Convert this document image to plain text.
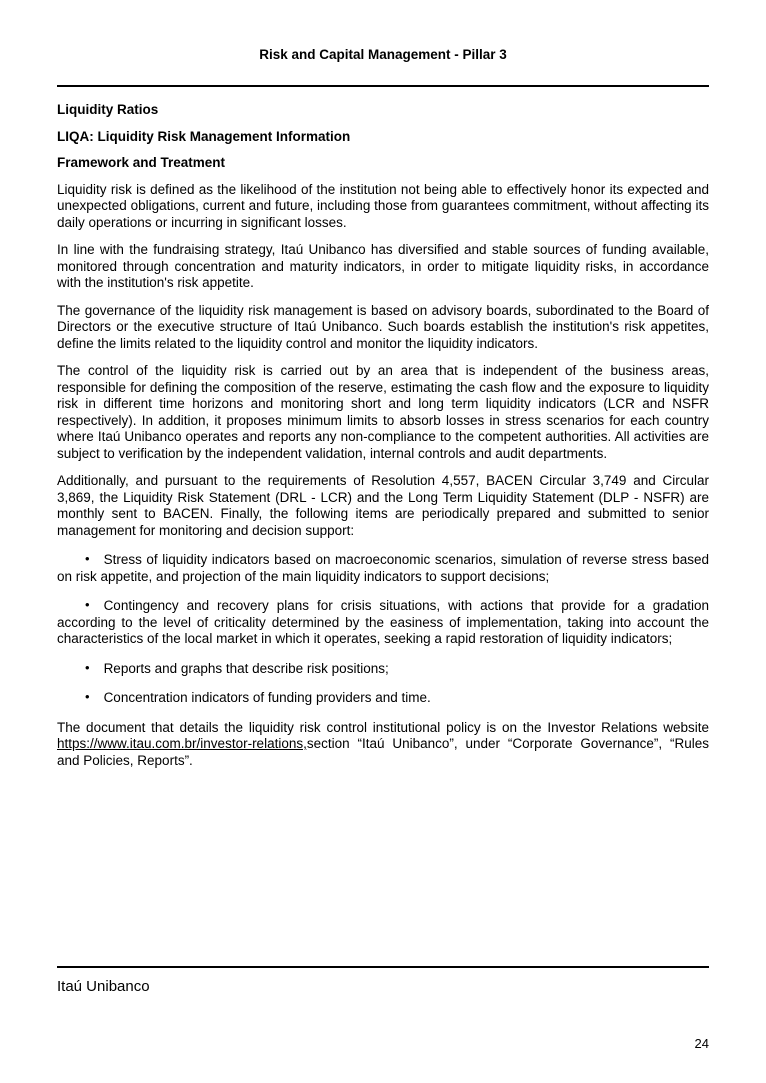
Risk and Capital Management - Pillar 3
Liquidity Ratios
LIQA: Liquidity Risk Management Information
Framework and Treatment

Liquidity risk is defined as the likelihood of the institution not being able to effectively honor its expected and unexpected obligations, current and future, including those from guarantees commitment, without affecting its daily operations or incurring in significant losses.

In line with the fundraising strategy, Itaú Unibanco has diversified and stable sources of funding available, monitored through concentration and maturity indicators, in order to mitigate liquidity risks, in accordance with the institution's risk appetite.

The governance of the liquidity risk management is based on advisory boards, subordinated to the Board of Directors or the executive structure of Itaú Unibanco. Such boards establish the institution's risk appetites, define the limits related to the liquidity control and monitor the liquidity indicators.

The control of the liquidity risk is carried out by an area that is independent of the business areas, responsible for defining the composition of the reserve, estimating the cash flow and the exposure to liquidity risk in different time horizons and monitoring short and long term liquidity indicators (LCR and NSFR respectively). In addition, it proposes minimum limits to absorb losses in stress scenarios for each country where Itaú Unibanco operates and reports any non-compliance to the competent authorities. All activities are subject to verification by the independent validation, internal controls and audit departments.

Additionally, and pursuant to the requirements of Resolution 4,557, BACEN Circular 3,749 and Circular 3,869, the Liquidity Risk Statement (DRL - LCR) and the Long Term Liquidity Statement (DLP - NSFR) are monthly sent to BACEN. Finally, the following items are periodically prepared and submitted to senior management for monitoring and decision support:

• Stress of liquidity indicators based on macroeconomic scenarios, simulation of reverse stress based on risk appetite, and projection of the main liquidity indicators to support decisions;

• Contingency and recovery plans for crisis situations, with actions that provide for a gradation according to the level of criticality determined by the easiness of implementation, taking into account the characteristics of the local market in which it operates, seeking a rapid restoration of liquidity indicators;

• Reports and graphs that describe risk positions;

• Concentration indicators of funding providers and time.

The document that details the liquidity risk control institutional policy is on the Investor Relations website https://www.itau.com.br/investor-relations,section “Itaú Unibanco”, under “Corporate Governance”, “Rules and Policies, Reports”.

Itaú Unibanco
24
